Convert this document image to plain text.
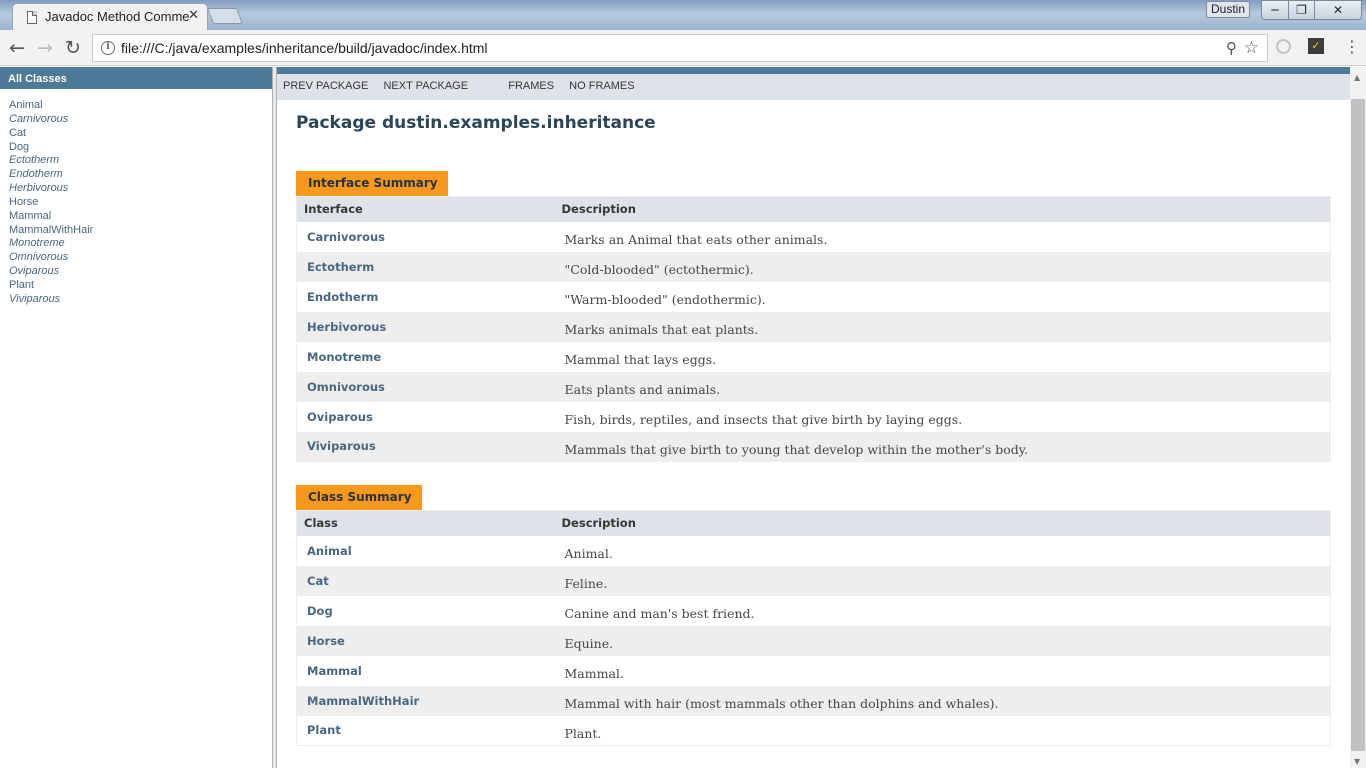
Javadoc Method Comme
✕	Dustin	─	❐	✕
← → ↻	i file:///C:/java/examples/inheritance/build/javadoc/index.html	⚲ ☆	✓ ⋮
All Classes
Animal
Carnivorous
Cat
Dog
Ectotherm
Endotherm
Herbivorous
Horse
Mammal
MammalWithHair
Monotreme
Omnivorous
Oviparous
Plant
Viviparous
PREV PACKAGE NEXT PACKAGE	FRAMES NO FRAMES
Package dustin.examples.inheritance
Interface Summary
Interface	Description
Carnivorous	Marks an Animal that eats other animals.
Ectotherm	"Cold-blooded" (ectothermic).
Endotherm	"Warm-blooded" (endothermic).
Herbivorous	Marks animals that eat plants.
Monotreme	Mammal that lays eggs.
Omnivorous	Eats plants and animals.
Oviparous	Fish, birds, reptiles, and insects that give birth by laying eggs.
Viviparous	Mammals that give birth to young that develop within the mother's body.
Class Summary
Class	Description
Animal	Animal.
Cat	Feline.
Dog	Canine and man's best friend.
Horse	Equine.
Mammal	Mammal.
MammalWithHair	Mammal with hair (most mammals other than dolphins and whales).
Plant	Plant.
▲
▼
